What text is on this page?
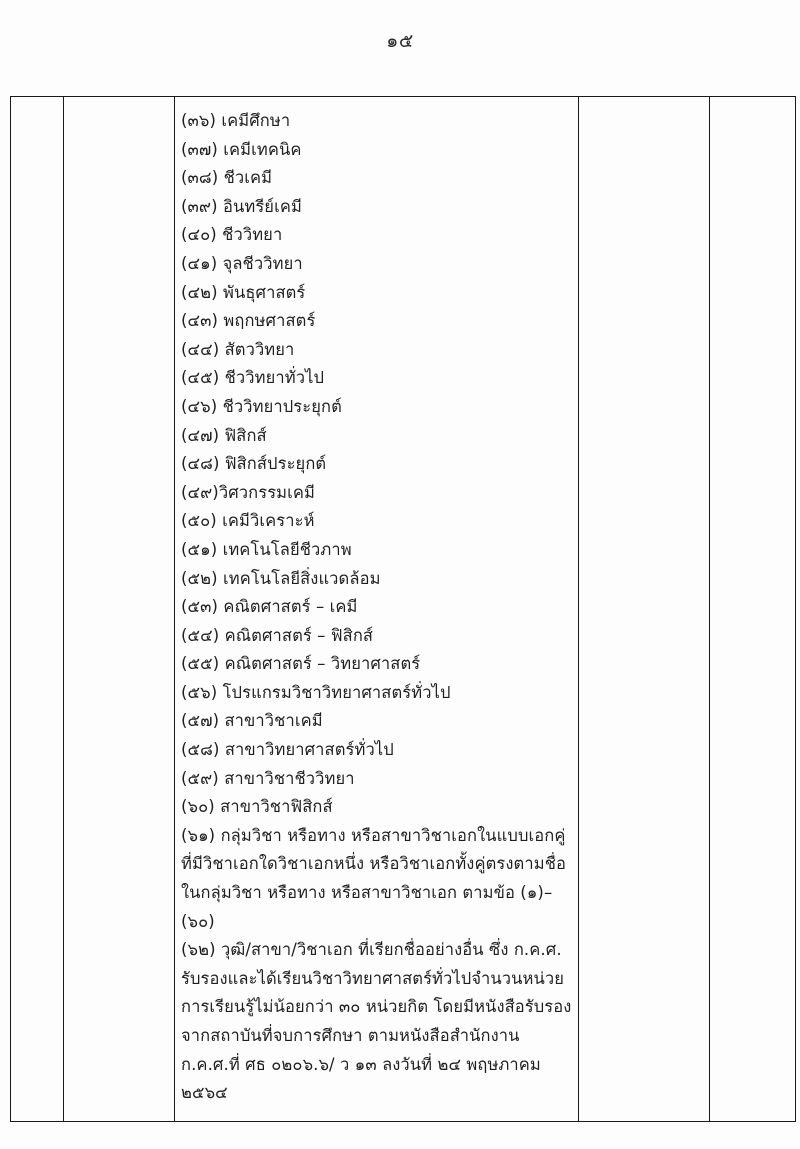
๑๕

(๓๖) เคมีศึกษา
(๓๗) เคมีเทคนิค
(๓๘) ชีวเคมี
(๓๙) อินทรีย์เคมี
(๔๐) ชีววิทยา
(๔๑) จุลชีววิทยา
(๔๒) พันธุศาสตร์
(๔๓) พฤกษศาสตร์
(๔๔) สัตววิทยา
(๔๕) ชีววิทยาทั่วไป
(๔๖) ชีววิทยาประยุกต์
(๔๗) ฟิสิกส์
(๔๘) ฟิสิกส์ประยุกต์
(๔๙)วิศวกรรมเคมี
(๕๐) เคมีวิเคราะห์
(๕๑) เทคโนโลยีชีวภาพ
(๕๒) เทคโนโลยีสิ่งแวดล้อม
(๕๓) คณิตศาสตร์ – เคมี
(๕๔) คณิตศาสตร์ – ฟิสิกส์
(๕๕) คณิตศาสตร์ – วิทยาศาสตร์
(๕๖) โปรแกรมวิชาวิทยาศาสตร์ทั่วไป
(๕๗) สาขาวิชาเคมี
(๕๘) สาขาวิทยาศาสตร์ทั่วไป
(๕๙) สาขาวิชาชีววิทยา
(๖๐) สาขาวิชาฟิสิกส์
(๖๑) กลุ่มวิชา หรือทาง หรือสาขาวิชาเอกในแบบเอกคู่ ที่มีวิชาเอกใดวิชาเอกหนึ่ง หรือวิชาเอกทั้งคู่ตรงตามชื่อ ในกลุ่มวิชา หรือทาง หรือสาขาวิชาเอก ตามข้อ (๑)–(๖๐)
(๖๒) วุฒิ/สาขา/วิชาเอก ที่เรียกชื่ออย่างอื่น ซึ่ง ก.ค.ศ. รับรองและได้เรียนวิชาวิทยาศาสตร์ทั่วไปจำนวนหน่วยการเรียนรู้ไม่น้อยกว่า ๓๐ หน่วยกิต โดยมีหนังสือรับรองจากสถาบันที่จบการศึกษา ตามหนังสือสำนักงาน ก.ค.ศ.ที่ ศธ ๐๒๐๖.๖/ ว ๑๓ ลงวันที่ ๒๔ พฤษภาคม ๒๕๖๔
